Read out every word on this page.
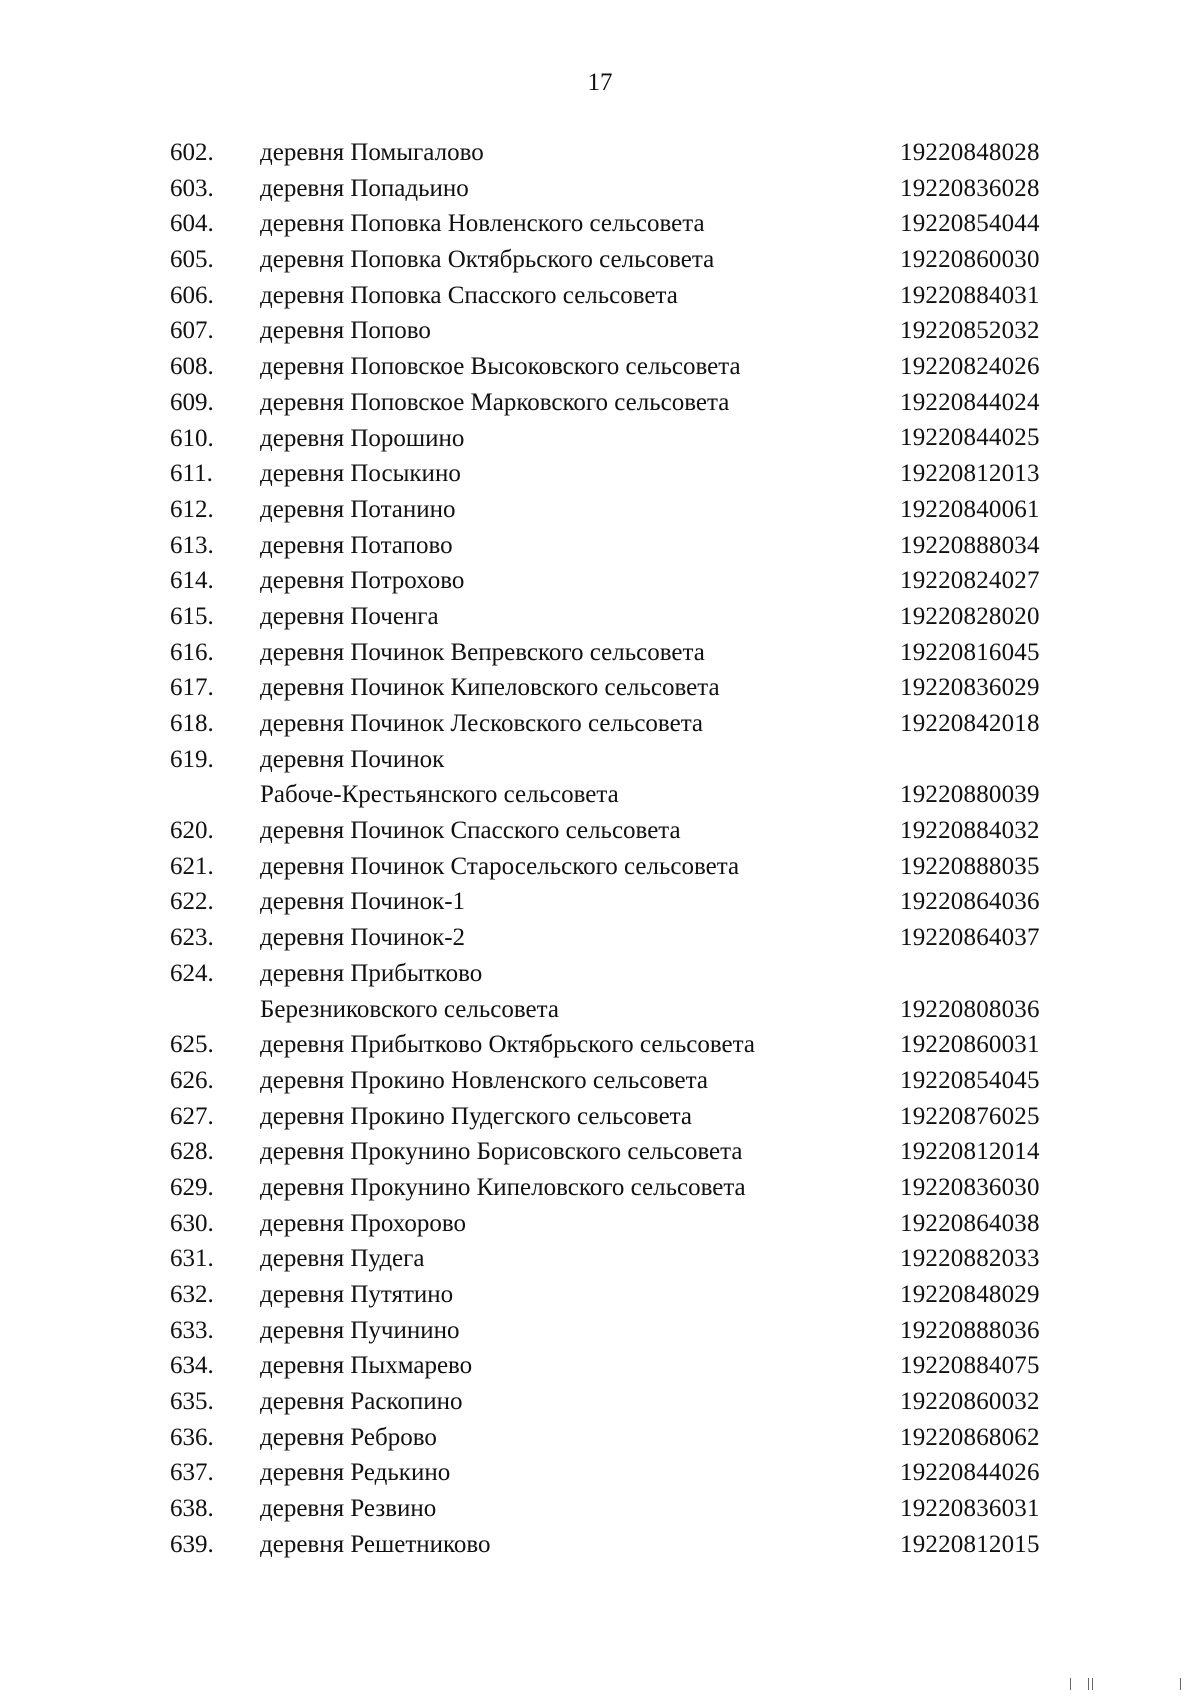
17
602. деревня Помыгалово	19220848028
603. деревня Попадьино	19220836028
604. деревня Поповка Новленского сельсовета	19220854044
605. деревня Поповка Октябрьского сельсовета	19220860030
606. деревня Поповка Спасского сельсовета	19220884031
607. деревня Попово	19220852032
608. деревня Поповское Высоковского сельсовета	19220824026
609. деревня Поповское Марковского сельсовета	19220844024
610. деревня Порошино	19220844025
611. деревня Посыкино	19220812013
612. деревня Потанино	19220840061
613. деревня Потапово	19220888034
614. деревня Потрохово	19220824027
615. деревня Поченга	19220828020
616. деревня Починок Вепревского сельсовета	19220816045
617. деревня Починок Кипеловского сельсовета	19220836029
618. деревня Починок Лесковского сельсовета	19220842018
619. деревня Починок
Рабоче-Крестьянского сельсовета	19220880039
620. деревня Починок Спасского сельсовета	19220884032
621. деревня Починок Старосельского сельсовета	19220888035
622. деревня Починок-1	19220864036
623. деревня Починок-2	19220864037
624. деревня Прибытково
Березниковского сельсовета	19220808036
625. деревня Прибытково Октябрьского сельсовета	19220860031
626. деревня Прокино Новленского сельсовета	19220854045
627. деревня Прокино Пудегского сельсовета	19220876025
628. деревня Прокунино Борисовского сельсовета	19220812014
629. деревня Прокунино Кипеловского сельсовета	19220836030
630. деревня Прохорово	19220864038
631. деревня Пудега	19220882033
632. деревня Путятино	19220848029
633. деревня Пучинино	19220888036
634. деревня Пыхмарево	19220884075
635. деревня Раскопино	19220860032
636. деревня Реброво	19220868062
637. деревня Редькино	19220844026
638. деревня Резвино	19220836031
639. деревня Решетниково	19220812015
